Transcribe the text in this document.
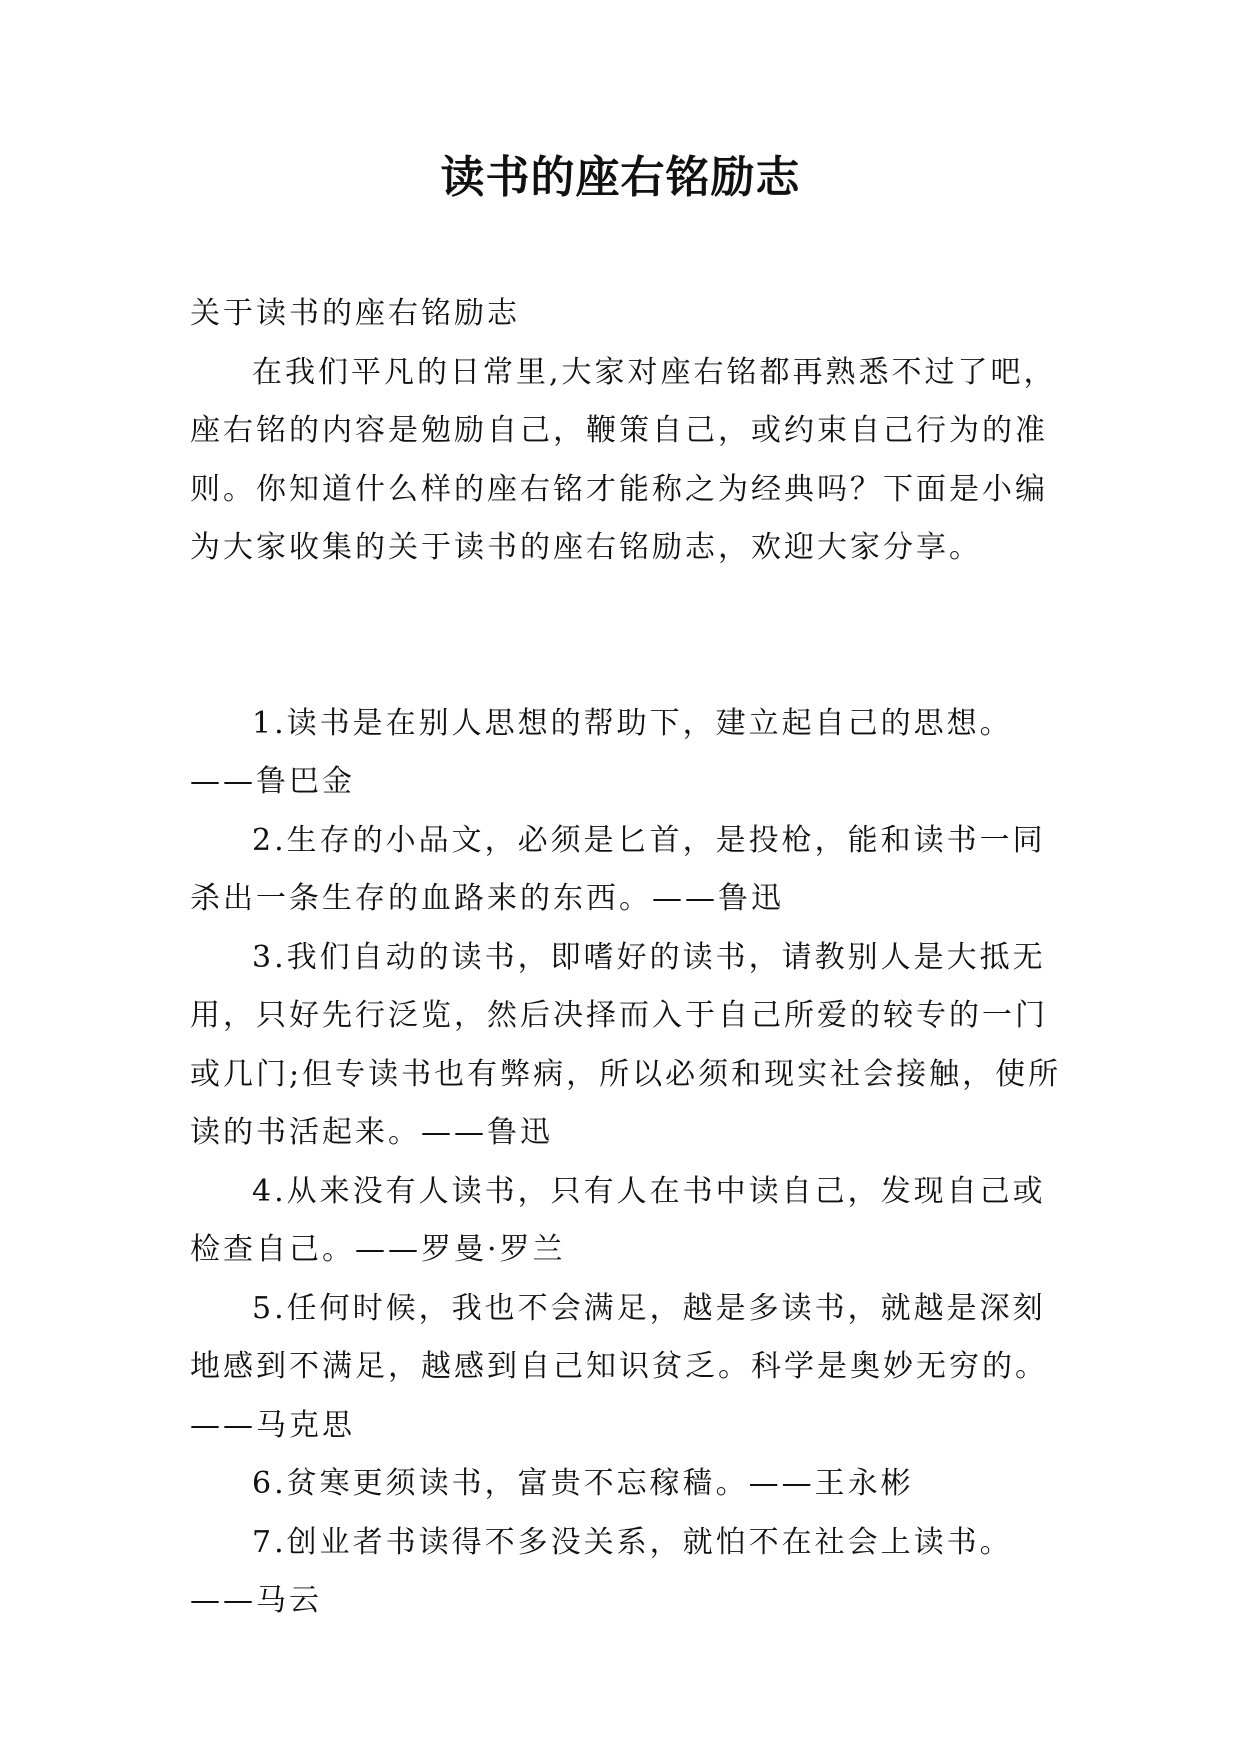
读书的座右铭励志

关于读书的座右铭励志

在我们平凡的日常里,大家对座右铭都再熟悉不过了吧，座右铭的内容是勉励自己，鞭策自己，或约束自己行为的准则。你知道什么样的座右铭才能称之为经典吗？下面是小编为大家收集的关于读书的座右铭励志，欢迎大家分享。

1.读书是在别人思想的帮助下，建立起自己的思想。——鲁巴金

2.生存的小品文，必须是匕首，是投枪，能和读书一同杀出一条生存的血路来的东西。——鲁迅

3.我们自动的读书，即嗜好的读书，请教别人是大抵无用，只好先行泛览，然后决择而入于自己所爱的较专的一门或几门;但专读书也有弊病，所以必须和现实社会接触，使所读的书活起来。——鲁迅

4.从来没有人读书，只有人在书中读自己，发现自己或检查自己。——罗曼·罗兰

5.任何时候，我也不会满足，越是多读书，就越是深刻地感到不满足，越感到自己知识贫乏。科学是奥妙无穷的。——马克思

6.贫寒更须读书，富贵不忘稼穑。——王永彬

7.创业者书读得不多没关系，就怕不在社会上读书。——马云
